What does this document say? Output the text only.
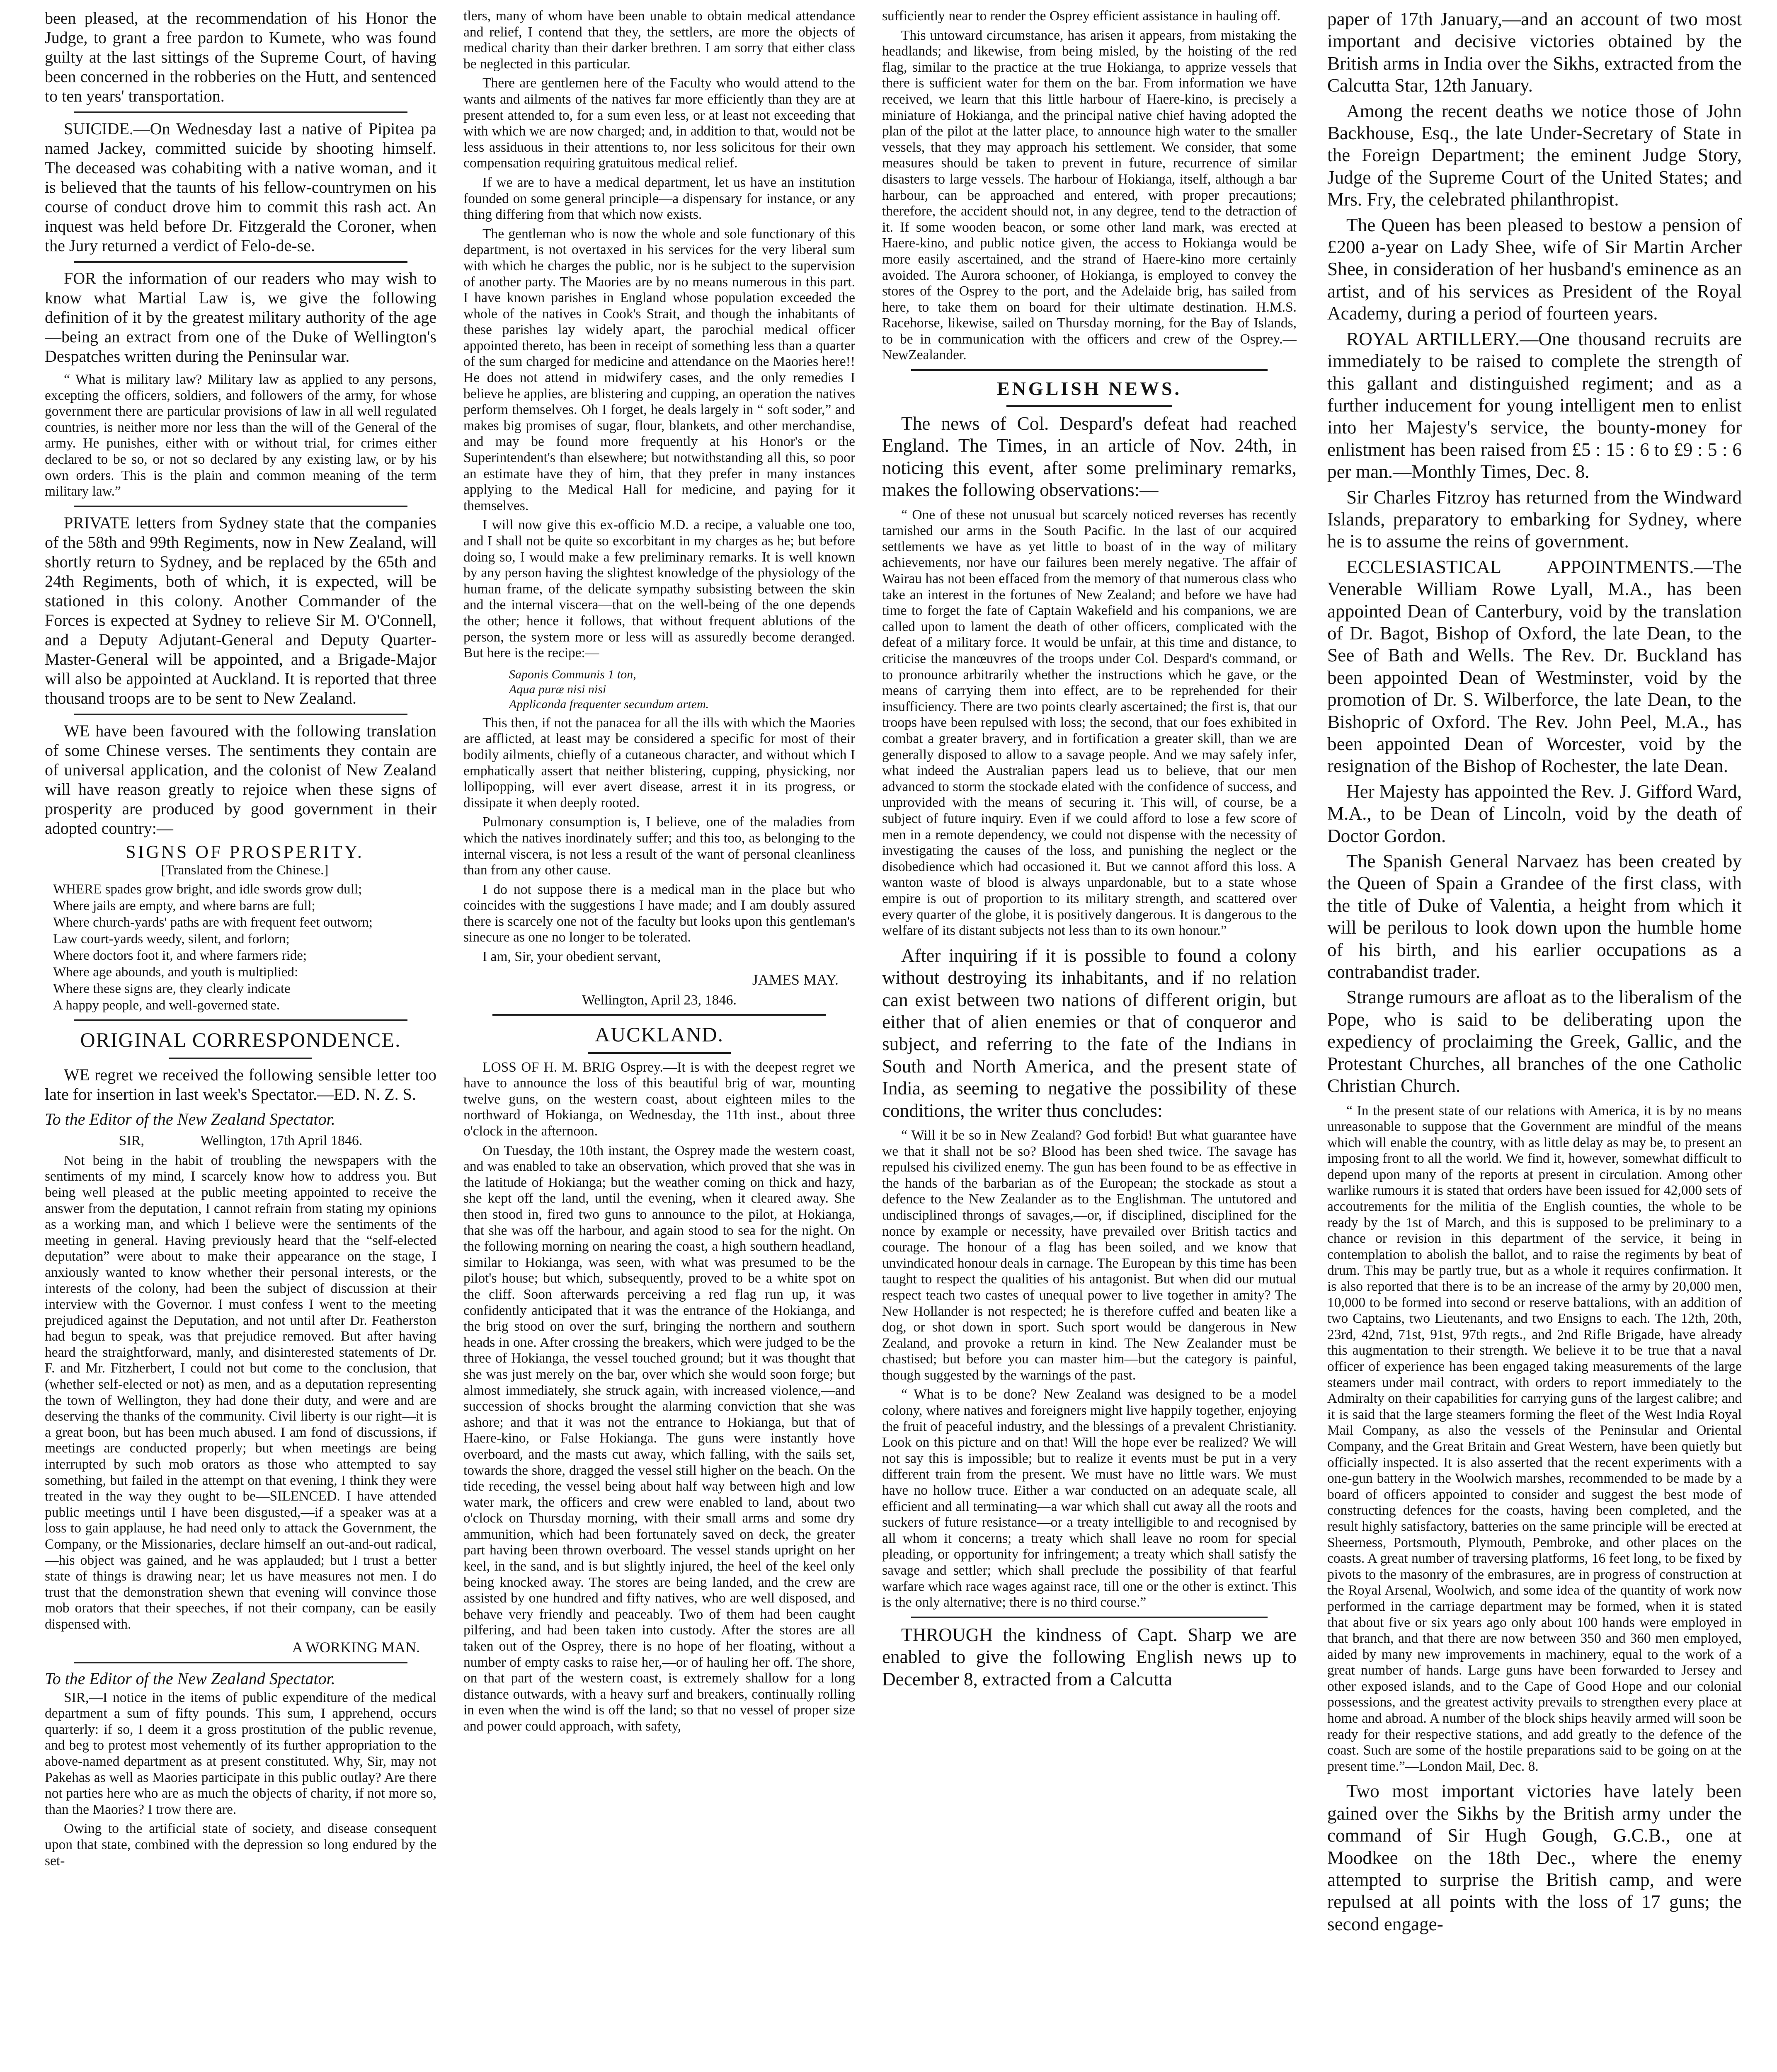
been pleased, at the recommendation of his Honor the Judge, to grant a free pardon to Kumete, who was found guilty at the last sittings of the Supreme Court, of having been concerned in the robberies on the Hutt, and sentenced to ten years' transportation.

SUICIDE.—On Wednesday last a native of Pipitea pa named Jackey, committed suicide by shooting himself. The deceased was cohabiting with a native woman, and it is believed that the taunts of his fellow-countrymen on his course of conduct drove him to commit this rash act. An inquest was held before Dr. Fitzgerald the Coroner, when the Jury returned a verdict of Felo-de-se.

FOR the information of our readers who may wish to know what Martial Law is, we give the following definition of it by the greatest military authority of the age—being an extract from one of the Duke of Wellington's Despatches written during the Peninsular war.

“ What is military law? Military law as applied to any persons, excepting the officers, soldiers, and followers of the army, for whose government there are particular provisions of law in all well regulated countries, is neither more nor less than the will of the General of the army. He punishes, either with or without trial, for crimes either declared to be so, or not so declared by any existing law, or by his own orders. This is the plain and common meaning of the term military law.”

PRIVATE letters from Sydney state that the companies of the 58th and 99th Regiments, now in New Zealand, will shortly return to Sydney, and be replaced by the 65th and 24th Regiments, both of which, it is expected, will be stationed in this colony. Another Commander of the Forces is expected at Sydney to relieve Sir M. O'Connell, and a Deputy Adjutant-General and Deputy Quarter-Master-General will be appointed, and a Brigade-Major will also be appointed at Auckland. It is reported that three thousand troops are to be sent to New Zealand.

WE have been favoured with the following translation of some Chinese verses. The sentiments they contain are of universal application, and the colonist of New Zealand will have reason greatly to rejoice when these signs of prosperity are produced by good government in their adopted country:—

SIGNS OF PROSPERITY.
[Translated from the Chinese.]
WHERE spades grow bright, and idle swords grow dull;
Where jails are empty, and where barns are full;
Where church-yards' paths are with frequent feet outworn;
Law court-yards weedy, silent, and forlorn;
Where doctors foot it, and where farmers ride;
Where age abounds, and youth is multiplied:
Where these signs are, they clearly indicate
A happy people, and well-governed state.
ORIGINAL CORRESPONDENCE.

WE regret we received the following sensible letter too late for insertion in last week's Spectator.—ED. N. Z. S.

To the Editor of the New Zealand Spectator.
SIR,                Wellington, 17th April 1846.

Not being in the habit of troubling the newspapers with the sentiments of my mind, I scarcely know how to address you. But being well pleased at the public meeting appointed to receive the answer from the deputation, I cannot refrain from stating my opinions as a working man, and which I believe were the sentiments of the meeting in general. Having previously heard that the “self-elected deputation” were about to make their appearance on the stage, I anxiously wanted to know whether their personal interests, or the interests of the colony, had been the subject of discussion at their interview with the Governor. I must confess I went to the meeting prejudiced against the Deputation, and not until after Dr. Featherston had begun to speak, was that prejudice removed. But after having heard the straightforward, manly, and disinterested statements of Dr. F. and Mr. Fitzherbert, I could not but come to the conclusion, that (whether self-elected or not) as men, and as a deputation representing the town of Wellington, they had done their duty, and were and are deserving the thanks of the community. Civil liberty is our right—it is a great boon, but has been much abused. I am fond of discussions, if meetings are conducted properly; but when meetings are being interrupted by such mob orators as those who attempted to say something, but failed in the attempt on that evening, I think they were treated in the way they ought to be—SILENCED. I have attended public meetings until I have been disgusted,—if a speaker was at a loss to gain applause, he had need only to attack the Government, the Company, or the Missionaries, declare himself an out-and-out radical,—his object was gained, and he was applauded; but I trust a better state of things is drawing near; let us have measures not men. I do trust that the demonstration shewn that evening will convince those mob orators that their speeches, if not their company, can be easily dispensed with.

A WORKING MAN.
To the Editor of the New Zealand Spectator.

SIR,—I notice in the items of public expenditure of the medical department a sum of fifty pounds. This sum, I apprehend, occurs quarterly: if so, I deem it a gross prostitution of the public revenue, and beg to protest most vehemently of its further appropriation to the above-named department as at present constituted. Why, Sir, may not Pakehas as well as Maories participate in this public outlay? Are there not parties here who are as much the objects of charity, if not more so, than the Maories? I trow there are.

Owing to the artificial state of society, and disease consequent upon that state, combined with the depression so long endured by the set-

tlers, many of whom have been unable to obtain medical attendance and relief, I contend that they, the settlers, are more the objects of medical charity than their darker brethren. I am sorry that either class be neglected in this particular.

There are gentlemen here of the Faculty who would attend to the wants and ailments of the natives far more efficiently than they are at present attended to, for a sum even less, or at least not exceeding that with which we are now charged; and, in addition to that, would not be less assiduous in their attentions to, nor less solicitous for their own compensation requiring gratuitous medical relief.

If we are to have a medical department, let us have an institution founded on some general principle—a dispensary for instance, or any thing differing from that which now exists.

The gentleman who is now the whole and sole functionary of this department, is not overtaxed in his services for the very liberal sum with which he charges the public, nor is he subject to the supervision of another party. The Maories are by no means numerous in this part. I have known parishes in England whose population exceeded the whole of the natives in Cook's Strait, and though the inhabitants of these parishes lay widely apart, the parochial medical officer appointed thereto, has been in receipt of something less than a quarter of the sum charged for medicine and attendance on the Maories here!! He does not attend in midwifery cases, and the only remedies I believe he applies, are blistering and cupping, an operation the natives perform themselves. Oh I forget, he deals largely in “ soft soder,” and makes big promises of sugar, flour, blankets, and other merchandise, and may be found more frequently at his Honor's or the Superintendent's than elsewhere; but notwithstanding all this, so poor an estimate have they of him, that they prefer in many instances applying to the Medical Hall for medicine, and paying for it themselves.

I will now give this ex-officio M.D. a recipe, a valuable one too, and I shall not be quite so excorbitant in my charges as he; but before doing so, I would make a few preliminary remarks. It is well known by any person having the slightest knowledge of the physiology of the human frame, of the delicate sympathy subsisting between the skin and the internal viscera—that on the well-being of the one depends the other; hence it follows, that without frequent ablutions of the person, the system more or less will as assuredly become deranged. But here is the recipe:—

Saponis Communis 1 ton,
Aqua puræ nisi nisi
Applicanda frequenter secundum artem.

This then, if not the panacea for all the ills with which the Maories are afflicted, at least may be considered a specific for most of their bodily ailments, chiefly of a cutaneous character, and without which I emphatically assert that neither blistering, cupping, physicking, nor lollipopping, will ever avert disease, arrest it in its progress, or dissipate it when deeply rooted.

Pulmonary consumption is, I believe, one of the maladies from which the natives inordinately suffer; and this too, as belonging to the internal viscera, is not less a result of the want of personal cleanliness than from any other cause.

I do not suppose there is a medical man in the place but who coincides with the suggestions I have made; and I am doubly assured there is scarcely one not of the faculty but looks upon this gentleman's sinecure as one no longer to be tolerated.

I am, Sir, your obedient servant,

JAMES MAY.
Wellington, April 23, 1846.
AUCKLAND.

LOSS OF H. M. BRIG Osprey.—It is with the deepest regret we have to announce the loss of this beautiful brig of war, mounting twelve guns, on the western coast, about eighteen miles to the northward of Hokianga, on Wednesday, the 11th inst., about three o'clock in the afternoon.

On Tuesday, the 10th instant, the Osprey made the western coast, and was enabled to take an observation, which proved that she was in the latitude of Hokianga; but the weather coming on thick and hazy, she kept off the land, until the evening, when it cleared away. She then stood in, fired two guns to announce to the pilot, at Hokianga, that she was off the harbour, and again stood to sea for the night. On the following morning on nearing the coast, a high southern headland, similar to Hokianga, was seen, with what was presumed to be the pilot's house; but which, subsequently, proved to be a white spot on the cliff. Soon afterwards perceiving a red flag run up, it was confidently anticipated that it was the entrance of the Hokianga, and the brig stood on over the surf, bringing the northern and southern heads in one. After crossing the breakers, which were judged to be the three of Hokianga, the vessel touched ground; but it was thought that she was just merely on the bar, over which she would soon forge; but almost immediately, she struck again, with increased violence,—and succession of shocks brought the alarming conviction that she was ashore; and that it was not the entrance to Hokianga, but that of Haere-kino, or False Hokianga. The guns were instantly hove overboard, and the masts cut away, which falling, with the sails set, towards the shore, dragged the vessel still higher on the beach. On the tide receding, the vessel being about half way between high and low water mark, the officers and crew were enabled to land, about two o'clock on Thursday morning, with their small arms and some dry ammunition, which had been fortunately saved on deck, the greater part having been thrown overboard. The vessel stands upright on her keel, in the sand, and is but slightly injured, the heel of the keel only being knocked away. The stores are being landed, and the crew are assisted by one hundred and fifty natives, who are well disposed, and behave very friendly and peaceably. Two of them had been caught pilfering, and had been taken into custody. After the stores are all taken out of the Osprey, there is no hope of her floating, without a number of empty casks to raise her,—or of hauling her off. The shore, on that part of the western coast, is extremely shallow for a long distance outwards, with a heavy surf and breakers, continually rolling in even when the wind is off the land; so that no vessel of proper size and power could approach, with safety,

sufficiently near to render the Osprey efficient assistance in hauling off.

This untoward circumstance, has arisen it appears, from mistaking the headlands; and likewise, from being misled, by the hoisting of the red flag, similar to the practice at the true Hokianga, to apprize vessels that there is sufficient water for them on the bar. From information we have received, we learn that this little harbour of Haere-kino, is precisely a miniature of Hokianga, and the principal native chief having adopted the plan of the pilot at the latter place, to announce high water to the smaller vessels, that they may approach his settlement. We consider, that some measures should be taken to prevent in future, recurrence of similar disasters to large vessels. The harbour of Hokianga, itself, although a bar harbour, can be approached and entered, with proper precautions; therefore, the accident should not, in any degree, tend to the detraction of it. If some wooden beacon, or some other land mark, was erected at Haere-kino, and public notice given, the access to Hokianga would be more easily ascertained, and the strand of Haere-kino more certainly avoided. The Aurora schooner, of Hokianga, is employed to convey the stores of the Osprey to the port, and the Adelaide brig, has sailed from here, to take them on board for their ultimate destination. H.M.S. Racehorse, likewise, sailed on Thursday morning, for the Bay of Islands, to be in communication with the officers and crew of the Osprey.—NewZealander.

ENGLISH NEWS.

The news of Col. Despard's defeat had reached England. The Times, in an article of Nov. 24th, in noticing this event, after some preliminary remarks, makes the following observations:—

“ One of these not unusual but scarcely noticed reverses has recently tarnished our arms in the South Pacific. In the last of our acquired settlements we have as yet little to boast of in the way of military achievements, nor have our failures been merely negative. The affair of Wairau has not been effaced from the memory of that numerous class who take an interest in the fortunes of New Zealand; and before we have had time to forget the fate of Captain Wakefield and his companions, we are called upon to lament the death of other officers, complicated with the defeat of a military force. It would be unfair, at this time and distance, to criticise the manœuvres of the troops under Col. Despard's command, or to pronounce arbitrarily whether the instructions which he gave, or the means of carrying them into effect, are to be reprehended for their insufficiency. There are two points clearly ascertained; the first is, that our troops have been repulsed with loss; the second, that our foes exhibited in combat a greater bravery, and in fortification a greater skill, than we are generally disposed to allow to a savage people. And we may safely infer, what indeed the Australian papers lead us to believe, that our men advanced to storm the stockade elated with the confidence of success, and unprovided with the means of securing it. This will, of course, be a subject of future inquiry. Even if we could afford to lose a few score of men in a remote dependency, we could not dispense with the necessity of investigating the causes of the loss, and punishing the neglect or the disobedience which had occasioned it. But we cannot afford this loss. A wanton waste of blood is always unpardonable, but to a state whose empire is out of proportion to its military strength, and scattered over every quarter of the globe, it is positively dangerous. It is dangerous to the welfare of its distant subjects not less than to its own honour.”

After inquiring if it is possible to found a colony without destroying its inhabitants, and if no relation can exist between two nations of different origin, but either that of alien enemies or that of conqueror and subject, and referring to the fate of the Indians in South and North America, and the present state of India, as seeming to negative the possibility of these conditions, the writer thus concludes:

“ Will it be so in New Zealand? God forbid! But what guarantee have we that it shall not be so? Blood has been shed twice. The savage has repulsed his civilized enemy. The gun has been found to be as effective in the hands of the barbarian as of the European; the stockade as stout a defence to the New Zealander as to the Englishman. The untutored and undisciplined throngs of savages,—or, if disciplined, disciplined for the nonce by example or necessity, have prevailed over British tactics and courage. The honour of a flag has been soiled, and we know that unvindicated honour deals in carnage. The European by this time has been taught to respect the qualities of his antagonist. But when did our mutual respect teach two castes of unequal power to live together in amity? The New Hollander is not respected; he is therefore cuffed and beaten like a dog, or shot down in sport. Such sport would be dangerous in New Zealand, and provoke a return in kind. The New Zealander must be chastised; but before you can master him—but the category is painful, though suggested by the warnings of the past.

“ What is to be done? New Zealand was designed to be a model colony, where natives and foreigners might live happily together, enjoying the fruit of peaceful industry, and the blessings of a prevalent Christianity. Look on this picture and on that! Will the hope ever be realized? We will not say this is impossible; but to realize it events must be put in a very different train from the present. We must have no little wars. We must have no hollow truce. Either a war conducted on an adequate scale, all efficient and all terminating—a war which shall cut away all the roots and suckers of future resistance—or a treaty intelligible to and recognised by all whom it concerns; a treaty which shall leave no room for special pleading, or opportunity for infringement; a treaty which shall satisfy the savage and settler; which shall preclude the possibility of that fearful warfare which race wages against race, till one or the other is extinct. This is the only alternative; there is no third course.”

THROUGH the kindness of Capt. Sharp we are enabled to give the following English news up to December 8, extracted from a Calcutta

paper of 17th January,—and an account of two most important and decisive victories obtained by the British arms in India over the Sikhs, extracted from the Calcutta Star, 12th January.

Among the recent deaths we notice those of John Backhouse, Esq., the late Under-Secretary of State in the Foreign Department; the eminent Judge Story, Judge of the Supreme Court of the United States; and Mrs. Fry, the celebrated philanthropist.

The Queen has been pleased to bestow a pension of £200 a-year on Lady Shee, wife of Sir Martin Archer Shee, in consideration of her husband's eminence as an artist, and of his services as President of the Royal Academy, during a period of fourteen years.

ROYAL ARTILLERY.—One thousand recruits are immediately to be raised to complete the strength of this gallant and distinguished regiment; and as a further inducement for young intelligent men to enlist into her Majesty's service, the bounty-money for enlistment has been raised from £5 : 15 : 6 to £9 : 5 : 6 per man.—Monthly Times, Dec. 8.

Sir Charles Fitzroy has returned from the Windward Islands, preparatory to embarking for Sydney, where he is to assume the reins of government.

ECCLESIASTICAL APPOINTMENTS.—The Venerable William Rowe Lyall, M.A., has been appointed Dean of Canterbury, void by the translation of Dr. Bagot, Bishop of Oxford, the late Dean, to the See of Bath and Wells. The Rev. Dr. Buckland has been appointed Dean of Westminster, void by the promotion of Dr. S. Wilberforce, the late Dean, to the Bishopric of Oxford. The Rev. John Peel, M.A., has been appointed Dean of Worcester, void by the resignation of the Bishop of Rochester, the late Dean.

Her Majesty has appointed the Rev. J. Gifford Ward, M.A., to be Dean of Lincoln, void by the death of Doctor Gordon.

The Spanish General Narvaez has been created by the Queen of Spain a Grandee of the first class, with the title of Duke of Valentia, a height from which it will be perilous to look down upon the humble home of his birth, and his earlier occupations as a contrabandist trader.

Strange rumours are afloat as to the liberalism of the Pope, who is said to be deliberating upon the expediency of proclaiming the Greek, Gallic, and the Protestant Churches, all branches of the one Catholic Christian Church.

“ In the present state of our relations with America, it is by no means unreasonable to suppose that the Government are mindful of the means which will enable the country, with as little delay as may be, to present an imposing front to all the world. We find it, however, somewhat difficult to depend upon many of the reports at present in circulation. Among other warlike rumours it is stated that orders have been issued for 42,000 sets of accoutrements for the militia of the English counties, the whole to be ready by the 1st of March, and this is supposed to be preliminary to a chance or revision in this department of the service, it being in contemplation to abolish the ballot, and to raise the regiments by beat of drum. This may be partly true, but as a whole it requires confirmation. It is also reported that there is to be an increase of the army by 20,000 men, 10,000 to be formed into second or reserve battalions, with an addition of two Captains, two Lieutenants, and two Ensigns to each. The 12th, 20th, 23rd, 42nd, 71st, 91st, 97th regts., and 2nd Rifle Brigade, have already this augmentation to their strength. We believe it to be true that a naval officer of experience has been engaged taking measurements of the large steamers under mail contract, with orders to report immediately to the Admiralty on their capabilities for carrying guns of the largest calibre; and it is said that the large steamers forming the fleet of the West India Royal Mail Company, as also the vessels of the Peninsular and Oriental Company, and the Great Britain and Great Western, have been quietly but officially inspected. It is also asserted that the recent experiments with a one-gun battery in the Woolwich marshes, recommended to be made by a board of officers appointed to consider and suggest the best mode of constructing defences for the coasts, having been completed, and the result highly satisfactory, batteries on the same principle will be erected at Sheerness, Portsmouth, Plymouth, Pembroke, and other places on the coasts. A great number of traversing platforms, 16 feet long, to be fixed by pivots to the masonry of the embrasures, are in progress of construction at the Royal Arsenal, Woolwich, and some idea of the quantity of work now performed in the carriage department may be formed, when it is stated that about five or six years ago only about 100 hands were employed in that branch, and that there are now between 350 and 360 men employed, aided by many new improvements in machinery, equal to the work of a great number of hands. Large guns have been forwarded to Jersey and other exposed islands, and to the Cape of Good Hope and our colonial possessions, and the greatest activity prevails to strengthen every place at home and abroad. A number of the block ships heavily armed will soon be ready for their respective stations, and add greatly to the defence of the coast. Such are some of the hostile preparations said to be going on at the present time.”—London Mail, Dec. 8.

Two most important victories have lately been gained over the Sikhs by the British army under the command of Sir Hugh Gough, G.C.B., one at Moodkee on the 18th Dec., where the enemy attempted to surprise the British camp, and were repulsed at all points with the loss of 17 guns; the second engage-
